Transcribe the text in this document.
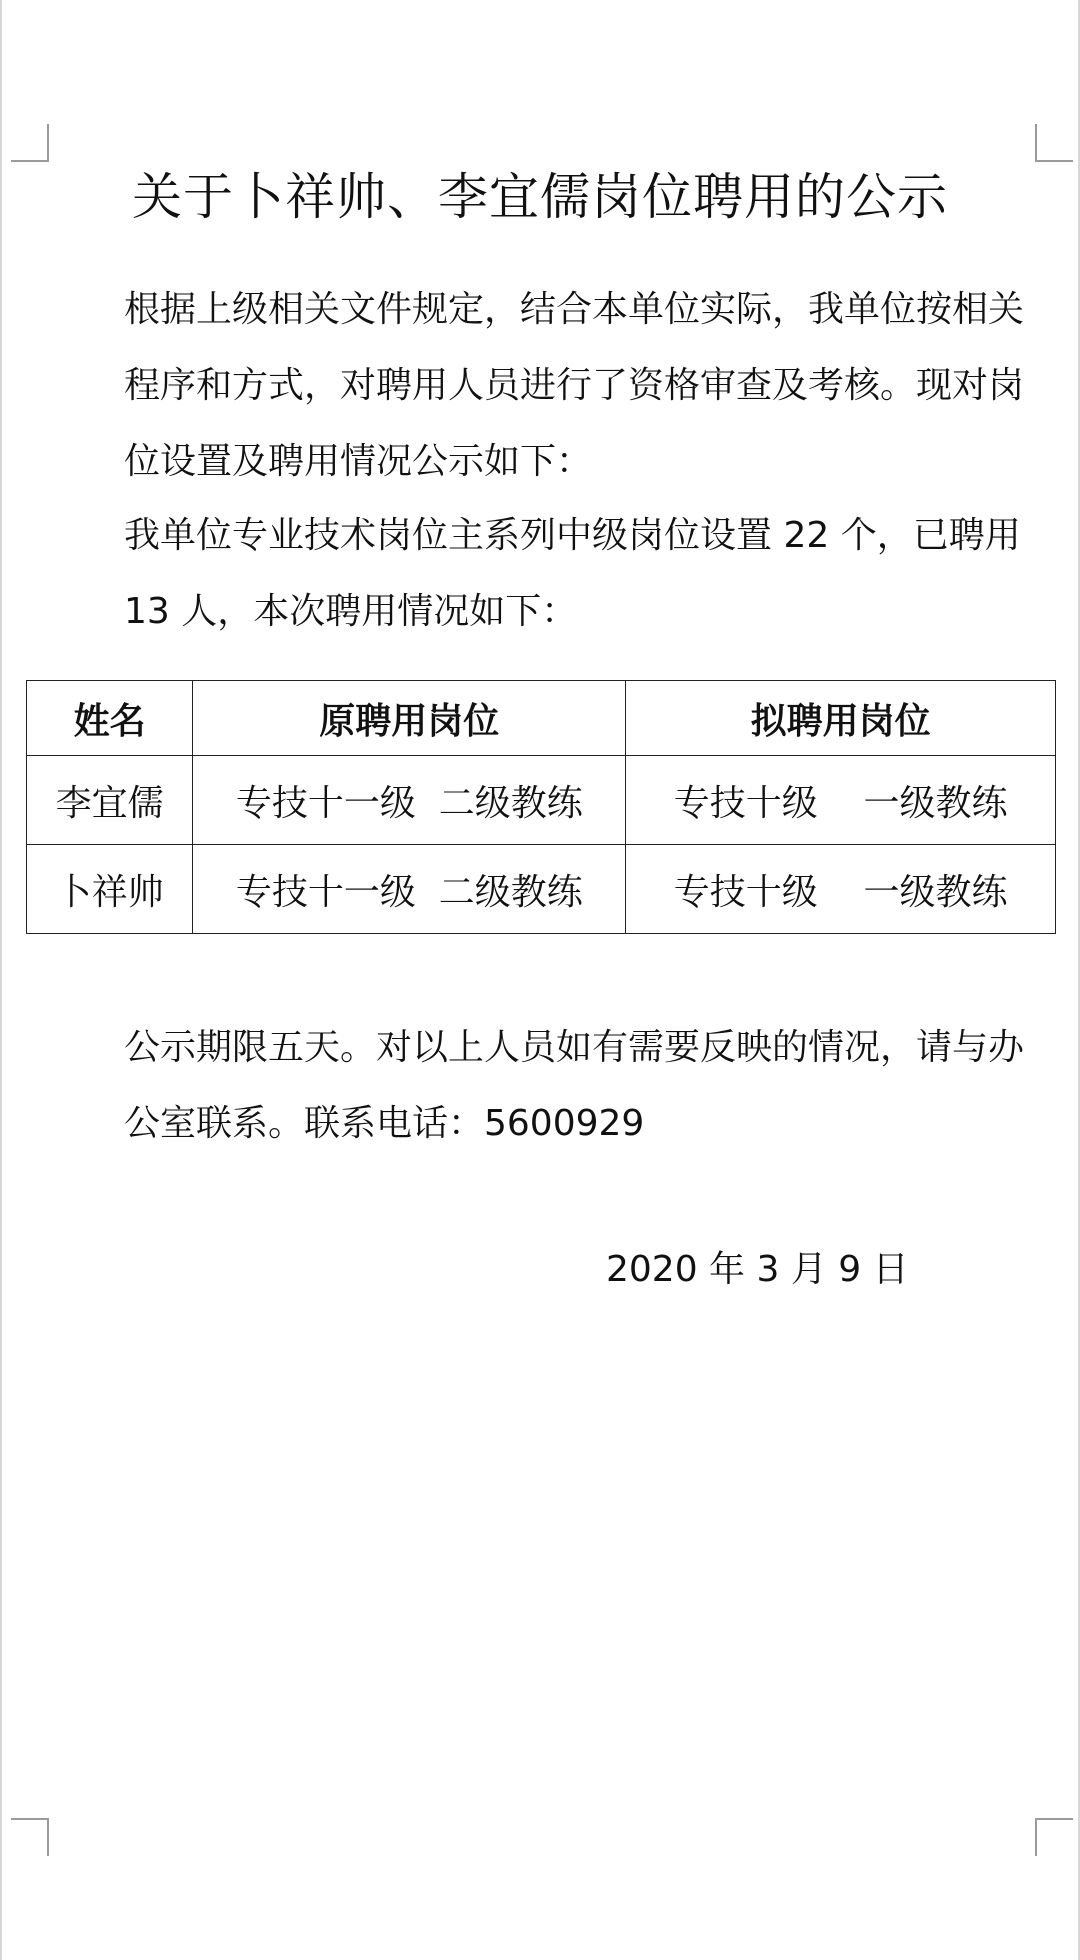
关于卜祥帅、李宜儒岗位聘用的公示

根据上级相关文件规定，结合本单位实际，我单位按相关程序和方式，对聘用人员进行了资格审查及考核。现对岗位设置及聘用情况公示如下：

我单位专业技术岗位主系列中级岗位设置 22 个，已聘用 13 人，本次聘用情况如下：

姓名	原聘用岗位	拟聘用岗位
李宜儒	专技十一级  二级教练	专技十级    一级教练
卜祥帅	专技十一级  二级教练	专技十级    一级教练

公示期限五天。对以上人员如有需要反映的情况，请与办公室联系。联系电话：5600929

2020 年 3 月 9 日
